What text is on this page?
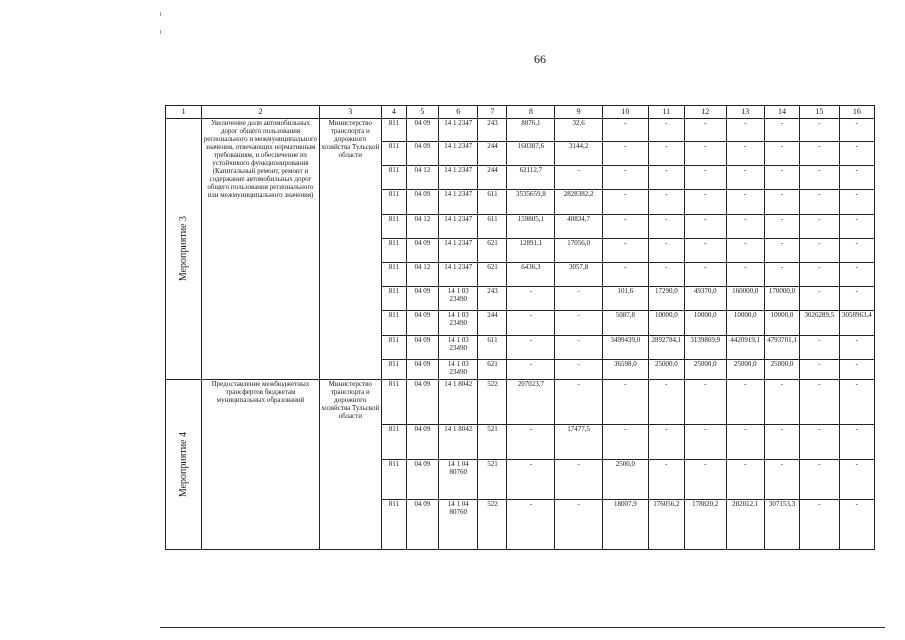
66
1	2	3	4	5	6	7	8	9	10	11	12	13	14	15	16

Мероприятие 3	Увеличение доли автомобильных дорог общего пользования регионального и межмуниципального значения, отвечающих нормативным требованиям, и обеспечение их устойчивого функционирования (Капитальный ремонт, ремонт и содержание автомобильных дорог общего пользования регионального или межмуниципального значения)	Министерство транспорта и дорожного хозяйства Тульской области	811	04 09	14 1 2347	243	8076,1	32,6	-	-	-	-	-	-	-
			811	04 09	14 1 2347	244	160387,6	3144,2	-	-	-	-	-	-	-
			811	04 12	14 1 2347	244	62112,7	-	-	-	-	-	-	-	-
			811	04 09	14 1 2347	611	3535659,8	2828382,2	-	-	-	-	-	-	-
			811	04 12	14 1 2347	611	159805,1	40834,7	-	-	-	-	-	-	-
			811	04 09	14 1 2347	621	12891,1	17056,0	-	-	-	-	-	-	-
			811	04 12	14 1 2347	621	6436,3	3057,8	-	-	-	-	-	-	-
			811	04 09	14 1 03 23490	243	-	-	101,6	17290,0	49370,0	160000,0	170000,0	-	-
			811	04 09	14 1 03 23490	244	-	-	5087,8	10000,0	10000,0	10000,0	10000,0	3026289,5	3058963,4
			811	04 09	14 1 03 23490	611	-	-	3499439,0	2892784,1	3139869,9	4420919,1	4793701,1	-	-
			811	04 09	14 1 03 23490	621	-	-	36598,0	25000,0	25000,0	25000,0	25000,0	-	-

Мероприятие 4	Предоставление межбюджетных трансфертов бюджетам муниципальных образований	Министерство транспорта и дорожного хозяйства Тульской области	811	04 09	14 1 8042	522	207023,7	-	-	-	-	-	-	-	-
			811	04 09	14 1 8042	521	-	17477,5	-	-	-	-	-	-	-
			811	04 09	14 1 04 80760	521	-	-	2500,0	-	-	-	-	-	-
			811	04 09	14 1 04 80760	522	-	-	18007,9	176056,2	178820,2	282012,1	307153,3	-	-
